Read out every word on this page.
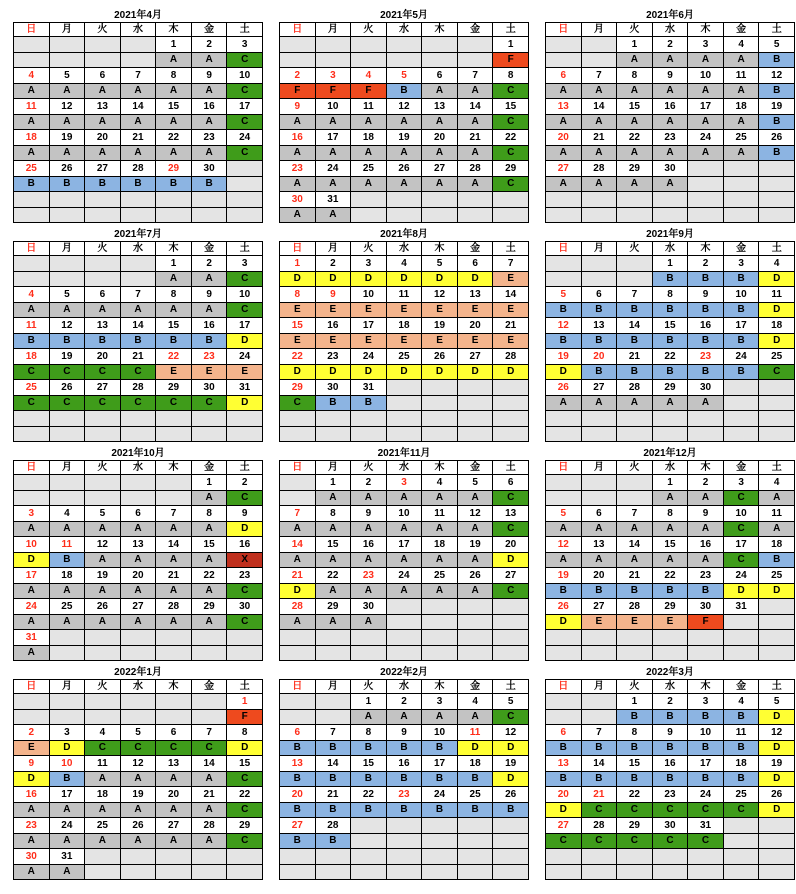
2021年4月
日	月	火	水	木	金	土
				1	2	3
				A	A	C
4	5	6	7	8	9	10
A	A	A	A	A	A	C
11	12	13	14	15	16	17
A	A	A	A	A	A	C
18	19	20	21	22	23	24
A	A	A	A	A	A	C
25	26	27	28	29	30	
B	B	B	B	B	B	

2021年5月
日	月	火	水	木	金	土
						1
						F
2	3	4	5	6	7	8
F	F	F	B	A	A	C
9	10	11	12	13	14	15
A	A	A	A	A	A	C
16	17	18	19	20	21	22
A	A	A	A	A	A	C
23	24	25	26	27	28	29
A	A	A	A	A	A	C
30	31					
A	A					
2021年6月
日	月	火	水	木	金	土
		1	2	3	4	5
		A	A	A	A	B
6	7	8	9	10	11	12
A	A	A	A	A	A	B
13	14	15	16	17	18	19
A	A	A	A	A	A	B
20	21	22	23	24	25	26
A	A	A	A	A	A	B
27	28	29	30			
A	A	A	A			

2021年7月
日	月	火	水	木	金	土
				1	2	3
				A	A	C
4	5	6	7	8	9	10
A	A	A	A	A	A	C
11	12	13	14	15	16	17
B	B	B	B	B	B	D
18	19	20	21	22	23	24
C	C	C	C	E	E	E
25	26	27	28	29	30	31
C	C	C	C	C	C	D

2021年8月
日	月	火	水	木	金	土
1	2	3	4	5	6	7
D	D	D	D	D	D	E
8	9	10	11	12	13	14
E	E	E	E	E	E	E
15	16	17	18	19	20	21
E	E	E	E	E	E	E
22	23	24	25	26	27	28
D	D	D	D	D	D	D
29	30	31				
C	B	B				

2021年9月
日	月	火	水	木	金	土
			1	2	3	4
			B	B	B	D
5	6	7	8	9	10	11
B	B	B	B	B	B	D
12	13	14	15	16	17	18
B	B	B	B	B	B	D
19	20	21	22	23	24	25
D	B	B	B	B	B	C
26	27	28	29	30		
A	A	A	A	A		

2021年10月
日	月	火	水	木	金	土
					1	2
					A	C
3	4	5	6	7	8	9
A	A	A	A	A	A	D
10	11	12	13	14	15	16
D	B	A	A	A	A	X
17	18	19	20	21	22	23
A	A	A	A	A	A	C
24	25	26	27	28	29	30
A	A	A	A	A	A	C
31						
A						
2021年11月
日	月	火	水	木	金	土
	1	2	3	4	5	6
	A	A	A	A	A	C
7	8	9	10	11	12	13
A	A	A	A	A	A	C
14	15	16	17	18	19	20
A	A	A	A	A	A	D
21	22	23	24	25	26	27
D	A	A	A	A	A	C
28	29	30				
A	A	A				

2021年12月
日	月	火	水	木	金	土
			1	2	3	4
			A	A	C	A
5	6	7	8	9	10	11
A	A	A	A	A	C	A
12	13	14	15	16	17	18
A	A	A	A	A	C	B
19	20	21	22	23	24	25
B	B	B	B	B	D	D
26	27	28	29	30	31	
D	E	E	E	F		

2022年1月
日	月	火	水	木	金	土
						1
						F
2	3	4	5	6	7	8
E	D	C	C	C	C	D
9	10	11	12	13	14	15
D	B	A	A	A	A	C
16	17	18	19	20	21	22
A	A	A	A	A	A	C
23	24	25	26	27	28	29
A	A	A	A	A	A	C
30	31					
A	A					
2022年2月
日	月	火	水	木	金	土
		1	2	3	4	5
		A	A	A	A	C
6	7	8	9	10	11	12
B	B	B	B	B	D	D
13	14	15	16	17	18	19
B	B	B	B	B	B	D
20	21	22	23	24	25	26
B	B	B	B	B	B	B
27	28					
B	B					

2022年3月
日	月	火	水	木	金	土
		1	2	3	4	5
		B	B	B	B	D
6	7	8	9	10	11	12
B	B	B	B	B	B	D
13	14	15	16	17	18	19
B	B	B	B	B	B	D
20	21	22	23	24	25	26
D	C	C	C	C	C	D
27	28	29	30	31		
C	C	C	C	C		
